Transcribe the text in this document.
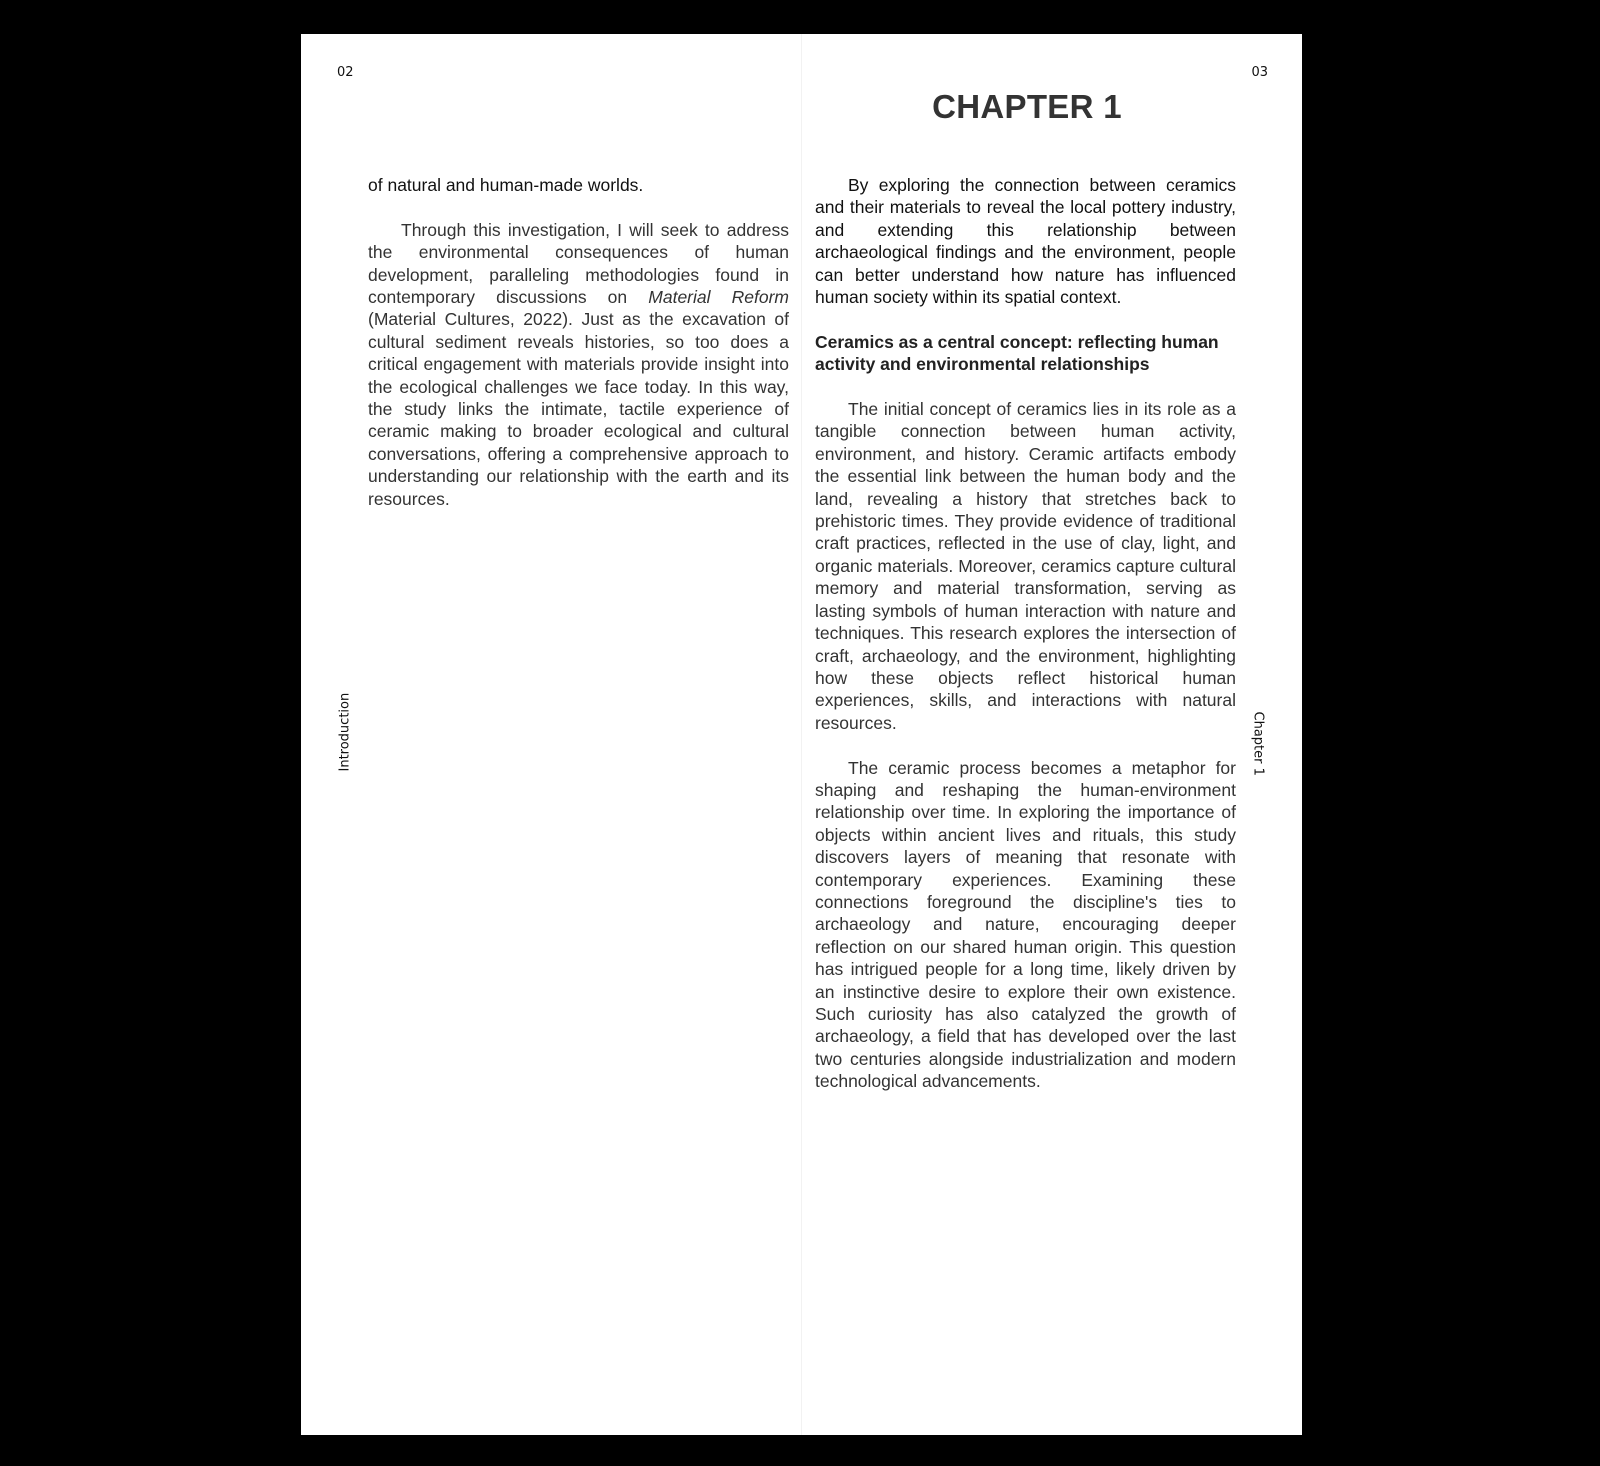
02
Introduction

of natural and human-made worlds.

Through this investigation, I will seek to address the environmental consequences of human development, paralleling methodologies found in contemporary discussions on Material Reform (Material Cultures, 2022). Just as the excavation of cultural sediment reveals histories, so too does a critical engagement with materials provide insight into the ecological challenges we face today. In this way, the study links the intimate, tactile experience of ceramic making to broader ecological and cultural conversations, offering a comprehensive approach to understanding our relationship with the earth and its resources.

03
CHAPTER 1
Chapter 1

By exploring the connection between ceramics and their materials to reveal the local pottery industry, and extending this relationship between archaeological findings and the environment, people can better understand how nature has influenced human society within its spatial context.

Ceramics as a central concept: reflecting human activity and environmental relationships

The initial concept of ceramics lies in its role as a tangible connection between human activity, environment, and history. Ceramic artifacts embody the essential link between the human body and the land, revealing a history that stretches back to prehistoric times. They provide evidence of traditional craft practices, reflected in the use of clay, light, and organic materials. Moreover, ceramics capture cultural memory and material transformation, serving as lasting symbols of human interaction with nature and techniques. This research explores the intersection of craft, archaeology, and the environment, highlighting how these objects reflect historical human experiences, skills, and interactions with natural resources.

The ceramic process becomes a metaphor for shaping and reshaping the human-environment relationship over time. In exploring the importance of objects within ancient lives and rituals, this study discovers layers of meaning that resonate with contemporary experiences. Examining these connections foreground the discipline's ties to archaeology and nature, encouraging deeper reflection on our shared human origin. This question has intrigued people for a long time, likely driven by an instinctive desire to explore their own existence. Such curiosity has also catalyzed the growth of archaeology, a field that has developed over the last two centuries alongside industrialization and modern technological advancements.
